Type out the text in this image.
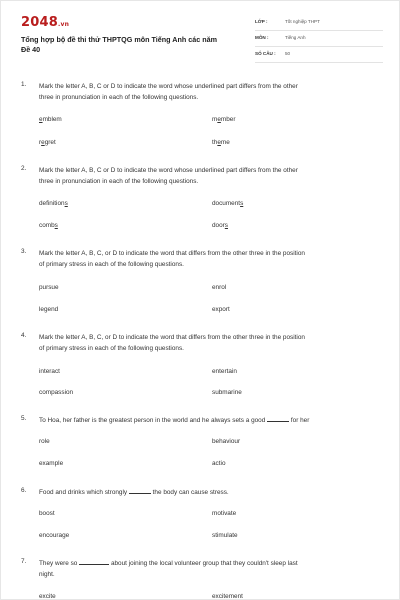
2048.vn
Tổng hợp bộ đề thi thử THPTQG môn Tiếng Anh các năm
Đề 40
LỚP :	Tốt nghiệp THPT
MÔN :	Tiếng Anh
SỐ CÂU : 50
1. Mark the letter A, B, C or D to indicate the word whose underlined part differs from the other
three in pronunciation in each of the following questions.
emblem	member
regret	theme
2. Mark the letter A, B, C or D to indicate the word whose underlined part differs from the other
three in pronunciation in each of the following questions.
definitions	documents
combs	doors
3. Mark the letter A, B, C, or D to indicate the word that differs from the other three in the position
of primary stress in each of the following questions.
pursue	enrol
legend	export
4. Mark the letter A, B, C, or D to indicate the word that differs from the other three in the position
of primary stress in each of the following questions.
interact	entertain
compassion	submarine
5. To Hoa, her father is the greatest person in the world and he always sets a good	for her
role	behaviour
example	actio
6. Food and drinks which strongly	the body can cause stress.
boost	motivate
encourage	stimulate
7. They were so	about joining the local volunteer group that they couldn't sleep last
night.
excite	excitement
